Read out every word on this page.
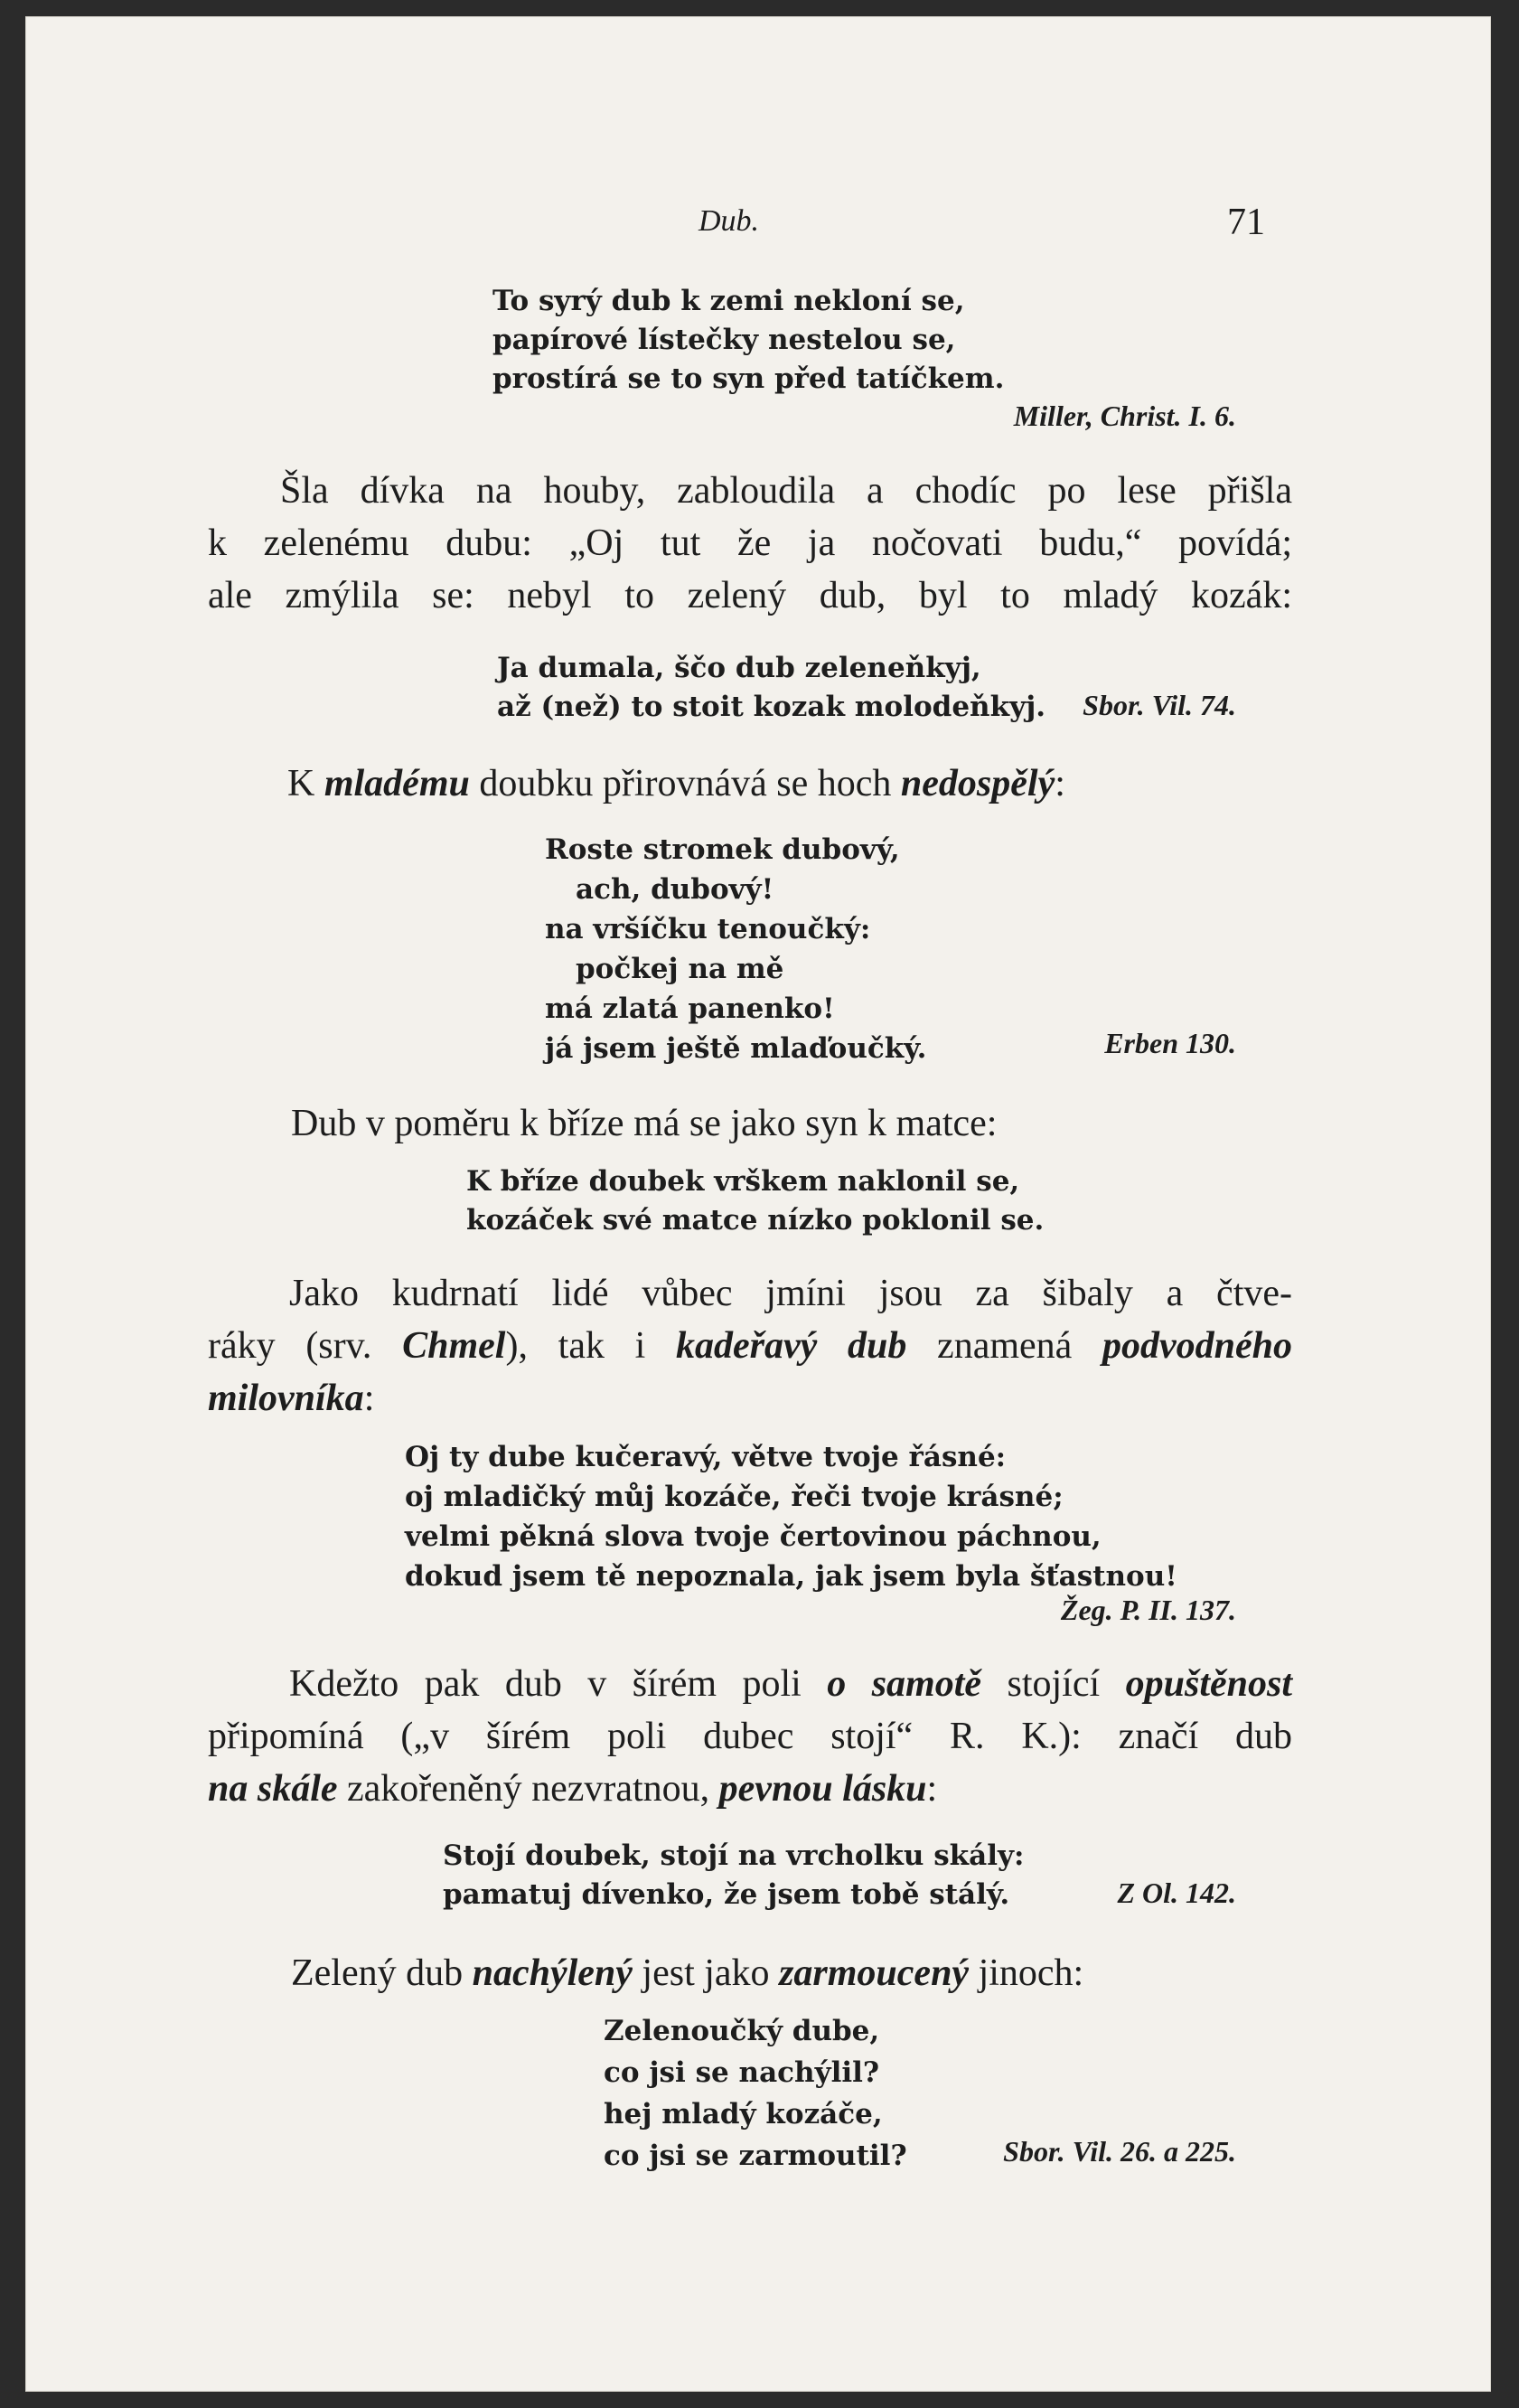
Dub.	71
To syrý dub k zemi nekloní se,
papírové lístečky nestelou se,
prostírá se to syn před tatíčkem.
Miller, Christ. I. 6.
Šla dívka na houby, zabloudila a chodíc po lese přišla
k zelenému dubu: „Oj tut že ja nočovati budu,“ povídá;
ale zmýlila se: nebyl to zelený dub, byl to mladý kozák:
Ja dumala, ščo dub zeleneňkyj,
až (než) to stoit kozak molodeňkyj. Sbor. Vil. 74.
K mladému doubku přirovnává se hoch nedospělý:
Roste stromek dubový,
ach, dubový!
na vršíčku tenoučký:
počkej na mě
má zlatá panenko!
já jsem ještě mlaďoučký.	Erben 130.
Dub v poměru k bříze má se jako syn k matce:
K bříze doubek vrškem naklonil se,
kozáček své matce nízko poklonil se.
Jako kudrnatí lidé vůbec jmíni jsou za šibaly a čtve-
ráky (srv. Chmel), tak i kadeřavý dub znamená podvodného
milovníka:
Oj ty dube kučeravý, větve tvoje řásné:
oj mladičký můj kozáče, řeči tvoje krásné;
velmi pěkná slova tvoje čertovinou páchnou,
dokud jsem tě nepoznala, jak jsem byla šťastnou!
Žeg. P. II. 137.
Kdežto pak dub v šírém poli o samotě stojící opuštěnost
připomíná („v šírém poli dubec stojí“ R. K.): značí dub
na skále zakořeněný nezvratnou, pevnou lásku:
Stojí doubek, stojí na vrcholku skály:
pamatuj dívenko, že jsem tobě stálý.	Z Ol. 142.
Zelený dub nachýlený jest jako zarmoucený jinoch:
Zelenoučký dube,
co jsi se nachýlil?
hej mladý kozáče,
co jsi se zarmoutil?	Sbor. Vil. 26. a 225.
